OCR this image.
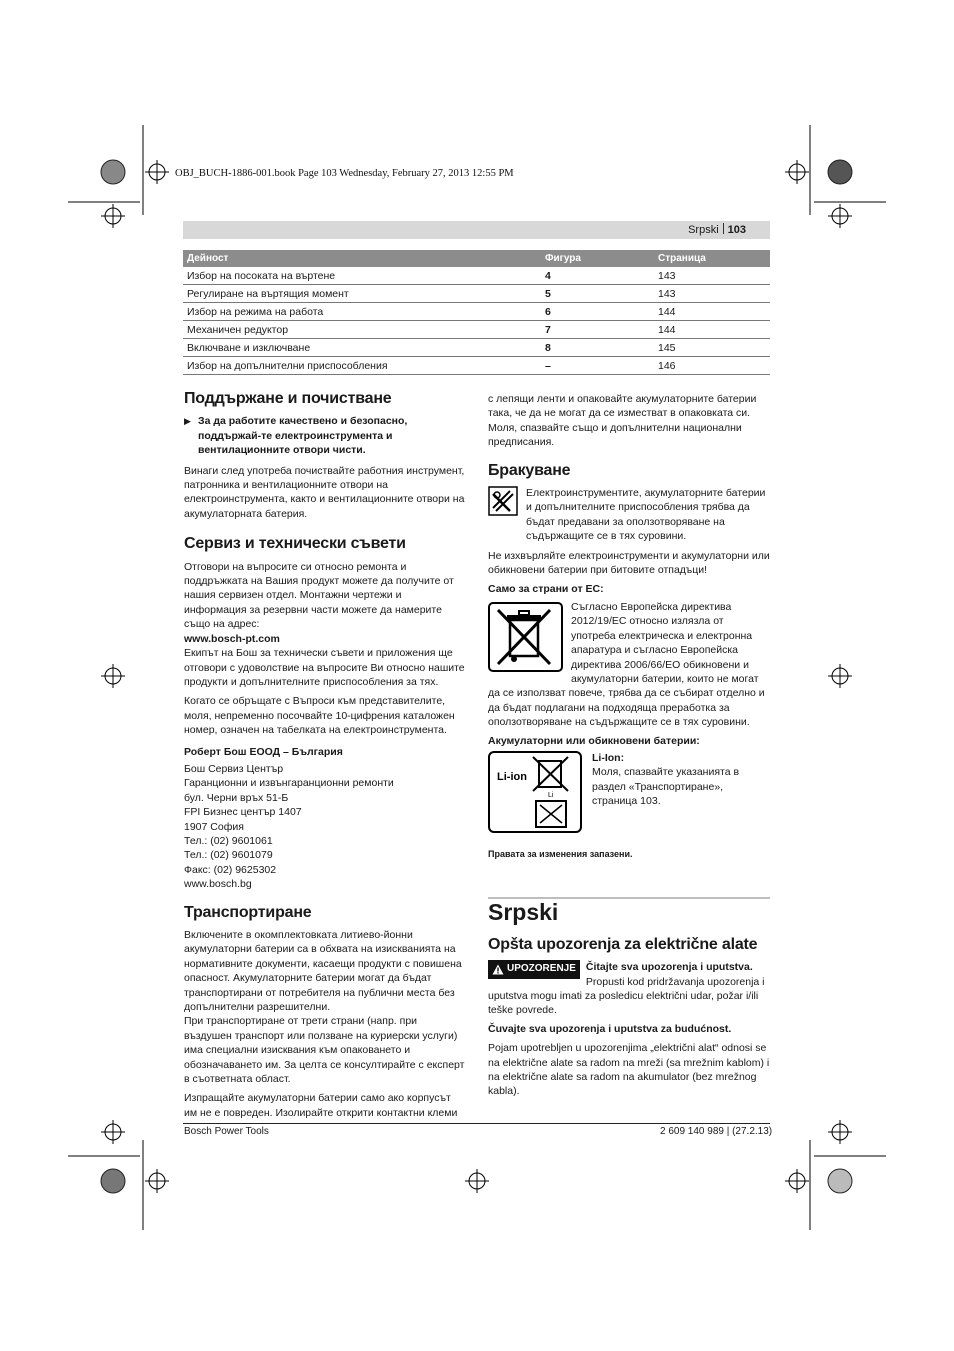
OBJ_BUCH-1886-001.book Page 103 Wednesday, February 27, 2013 12:55 PM
Srpski 103
Дейност	Фигура	Страница
Избор на посоката на въртене	4	143
Регулиране на въртящия момент	5	143
Избор на режима на работа	6	144
Механичен редуктор	7	144
Включване и изключване	8	145
Избор на допълнителни приспособления	–	146
Поддържане и почистване
▶ За да работите качествено и безопасно, поддържай-те електроинструмента и вентилационните отвори чисти.

Винаги след употреба почиствайте работния инструмент, патронника и вентилационните отвори на електроинструмента, както и вентилационните отвори на акумулаторната батерия.

Сервиз и технически съвети

Отговори на въпросите си относно ремонта и поддръжката на Вашия продукт можете да получите от нашия сервизен отдел. Монтажни чертежи и информация за резервни части можете да намерите също на адрес:

www.bosch-pt.com

Екипът на Бош за технически съвети и приложения ще отговори с удоволствие на въпросите Ви относно нашите продукти и допълнителните приспособления за тях.

Когато се обръщате с Въпроси към представителите, моля, непременно посочвайте 10-цифрения каталожен номер, означен на табелката на електроинструмента.

Роберт Бош ЕООД – България

Бош Сервиз Център
Гаранционни и извънгаранционни ремонти
бул. Черни връх 51-Б
FPI Бизнес център 1407
1907 София
Тел.: (02) 9601061
Тел.: (02) 9601079
Факс: (02) 9625302
www.bosch.bg
Транспортиране

Включените в окомплектовката литиево-йонни акумулаторни батерии са в обхвата на изискванията на нормативните документи, касаещи продукти с повишена опасност. Акумулаторните батерии могат да бъдат транспортирани от потребителя на публични места без допълнителни разрешителни.

При транспортиране от трети страни (напр. при въздушен транспорт или ползване на куриерски услуги) има специални изисквания към опаковането и обозначаването им. За целта се консултирайте с експерт в съответната област.

Изпращайте акумулаторни батерии само ако корпусът им не е повреден. Изолирайте открити контактни клеми

с лепящи ленти и опаковайте акумулаторните батерии така, че да не могат да се изместват в опаковката си.

Моля, спазвайте също и допълнителни национални предписания.

Бракуване
Електроинструментите, акумулаторните батерии и допълнителните приспособления трябва да бъдат предавани за оползотворяване на съдържащите се в тях суровини.

Не изхвърляйте електроинструменти и акумулаторни или обикновени батерии при битовите отпадъци!

Само за страни от ЕС:

Съгласно Европейска директива 2012/19/ЕС относно излязла от употреба електрическа и електронна апаратура и съгласно Европейска директива 2006/66/ЕО обикновени и акумулаторни батерии, които не могат да се използват повече, трябва да се събират отделно и да бъдат подлагани на подходяща преработка за оползотворяване на съдържащите се в тях суровини.

Акумулаторни или обикновени батерии:

Li-ion
Li
Li-Ion:
Моля, спазвайте указанията в раздел «Транспортиране», страница 103.

Правата за изменения запазени.

Srpski
Opšta upozorenja za električne alate
UPOZORENJE Čitajte sva upozorenja i uputstva. Propusti kod pridržavanja upozorenja i uputstva mogu imati za posledicu električni udar, požar i/ili teške povrede.

Čuvajte sva upozorenja i uputstva za budućnost.

Pojam upotrebljen u upozorenjima „električni alat“ odnosi se na električne alate sa radom na mreži (sa mrežnim kablom) i na električne alate sa radom na akumulator (bez mrežnog kabla).

Bosch Power Tools	2 609 140 989 | (27.2.13)
